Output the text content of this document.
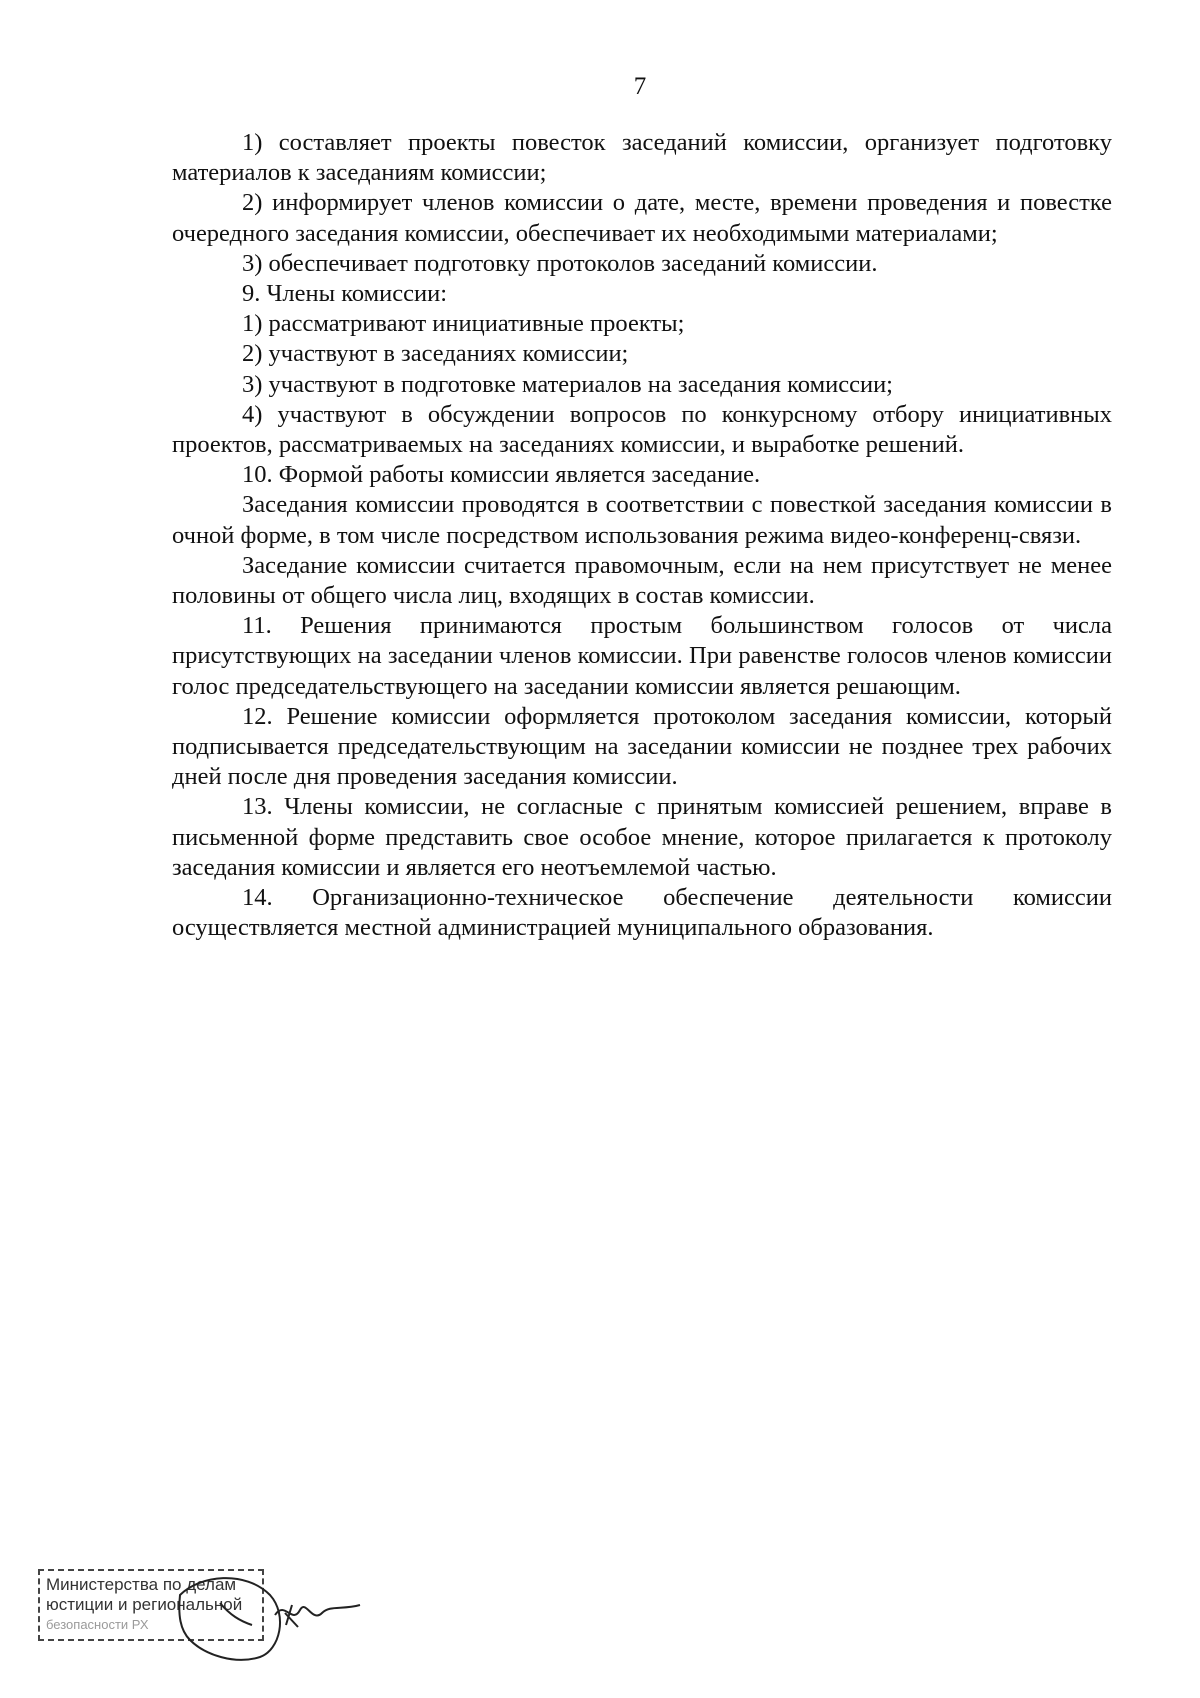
7

1) составляет проекты повесток заседаний комиссии, организует подготовку материалов к заседаниям комиссии;

2) информирует членов комиссии о дате, месте, времени проведения и повестке очередного заседания комиссии, обеспечивает их необходимыми материалами;

3) обеспечивает подготовку протоколов заседаний комиссии.

9. Члены комиссии:

1) рассматривают инициативные проекты;

2) участвуют в заседаниях комиссии;

3) участвуют в подготовке материалов на заседания комиссии;

4) участвуют в обсуждении вопросов по конкурсному отбору инициативных проектов, рассматриваемых на заседаниях комиссии, и выработке решений.

10. Формой работы комиссии является заседание.

Заседания комиссии проводятся в соответствии с повесткой заседания комиссии в очной форме, в том числе посредством использования режима видео-конференц-связи.

Заседание комиссии считается правомочным, если на нем присутствует не менее половины от общего числа лиц, входящих в состав комиссии.

11. Решения принимаются простым большинством голосов от числа присутствующих на заседании членов комиссии. При равенстве голосов членов комиссии голос председательствующего на заседании комиссии является решающим.

12. Решение комиссии оформляется протоколом заседания комиссии, который подписывается председательствующим на заседании комиссии не позднее трех рабочих дней после дня проведения заседания комиссии.

13. Члены комиссии, не согласные с принятым комиссией решением, вправе в письменной форме представить свое особое мнение, которое прилагается к протоколу заседания комиссии и является его неотъемлемой частью.

14. Организационно-техническое обеспечение деятельности комиссии осуществляется местной администрацией муниципального образования.

Министерства по делам
юстиции и региональной
безопасности РХ
